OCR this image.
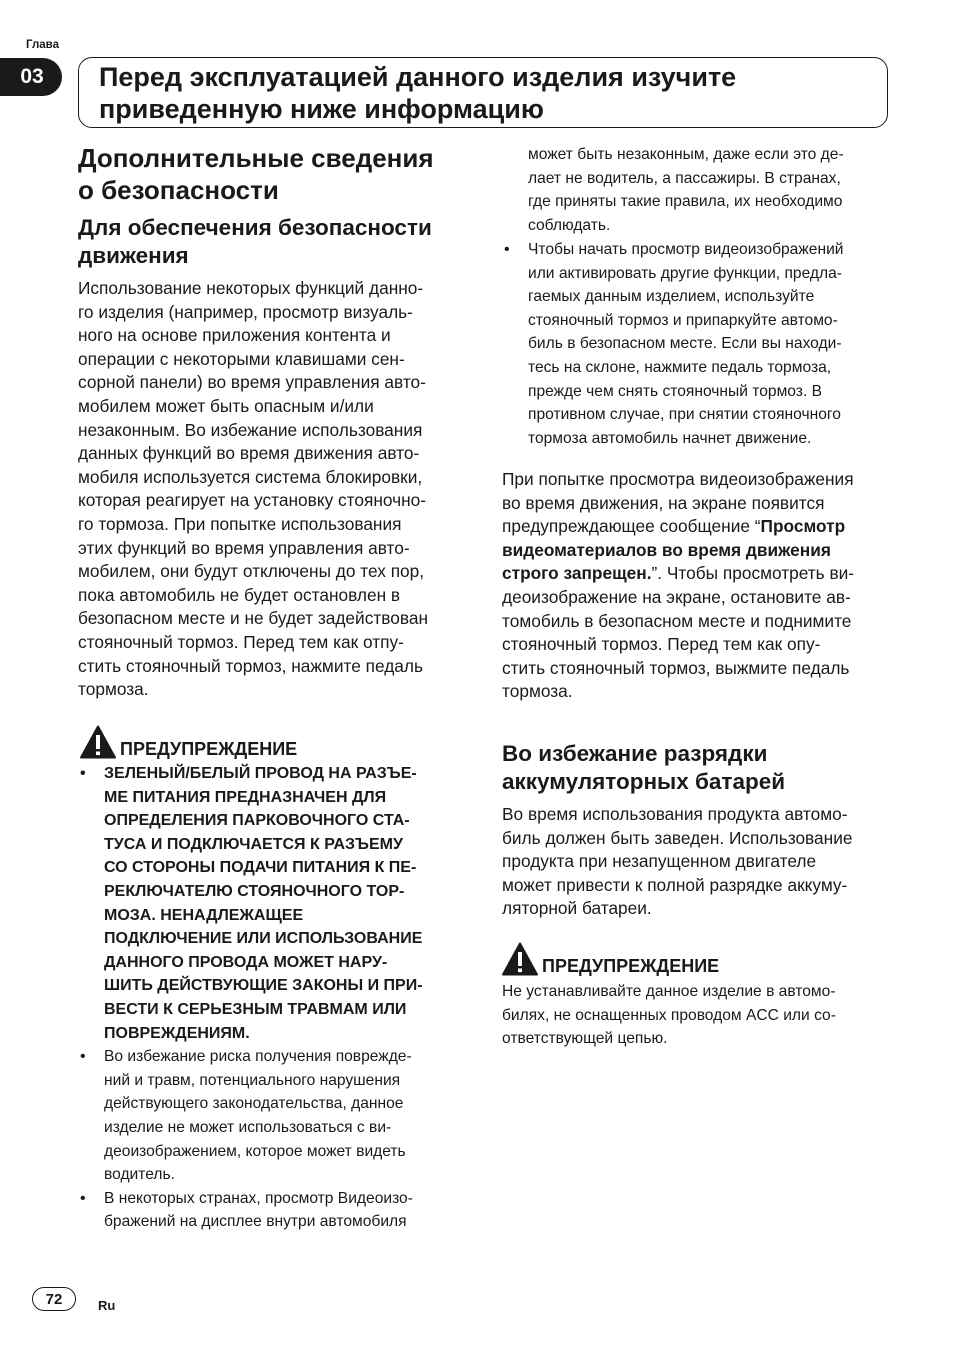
Глава
03	Перед эксплуатацией данного изделия изучите
приведенную ниже информацию
Дополнительные сведения
о безопасности
Для обеспечения безопасности
движения
Использование некоторых функций данно-
го изделия (например, просмотр визуаль-
ного на основе приложения контента и
операции с некоторыми клавишами сен-
сорной панели) во время управления авто-
мобилем может быть опасным и/или
незаконным. Во избежание использования
данных функций во время движения авто-
мобиля используется система блокировки,
которая реагирует на установку стояночно-
го тормоза. При попытке использования
этих функций во время управления авто-
мобилем, они будут отключены до тех пор,
пока автомобиль не будет остановлен в
безопасном месте и не будет задействован
стояночный тормоз. Перед тем как отпу-
стить стояночный тормоз, нажмите педаль
тормоза.
ПРЕДУПРЕЖДЕНИЕ
• ЗЕЛЕНЫЙ/БЕЛЫЙ ПРОВОД НА РАЗЪЕ-
МЕ ПИТАНИЯ ПРЕДНАЗНАЧЕН ДЛЯ
ОПРЕДЕЛЕНИЯ ПАРКОВОЧНОГО СТА-
ТУСА И ПОДКЛЮЧАЕТСЯ К РАЗЪЕМУ
СО СТОРОНЫ ПОДАЧИ ПИТАНИЯ К ПЕ-
РЕКЛЮЧАТЕЛЮ СТОЯНОЧНОГО ТОР-
МОЗА. НЕНАДЛЕЖАЩЕЕ
ПОДКЛЮЧЕНИЕ ИЛИ ИСПОЛЬЗОВАНИЕ
ДАННОГО ПРОВОДА МОЖЕТ НАРУ-
ШИТЬ ДЕЙСТВУЮЩИЕ ЗАКОНЫ И ПРИ-
ВЕСТИ К СЕРЬЕЗНЫМ ТРАВМАМ ИЛИ
ПОВРЕЖДЕНИЯМ.
• Во избежание риска получения поврежде-
ний и травм, потенциального нарушения
действующего законодательства, данное
изделие не может использоваться с ви-
деоизображением, которое может видеть
водитель.
• В некоторых странах, просмотр Видеоизо-
бражений на дисплее внутри автомобиля
может быть незаконным, даже если это де-
лает не водитель, а пассажиры. В странах,
где приняты такие правила, их необходимо
соблюдать.
• Чтобы начать просмотр видеоизображений
или активировать другие функции, предла-
гаемых данным изделием, используйте
стояночный тормоз и припаркуйте автомо-
биль в безопасном месте. Если вы находи-
тесь на склоне, нажмите педаль тормоза,
прежде чем снять стояночный тормоз. В
противном случае, при снятии стояночного
тормоза автомобиль начнет движение.
При попытке просмотра видеоизображения
во время движения, на экране появится
предупреждающее сообщение “Просмотр
видеоматериалов во время движения
строго запрещен.”. Чтобы просмотреть ви-
деоизображение на экране, остановите ав-
томобиль в безопасном месте и поднимите
стояночный тормоз. Перед тем как опу-
стить стояночный тормоз, выжмите педаль
тормоза.
Во избежание разрядки
аккумуляторных батарей
Во время использования продукта автомо-
биль должен быть заведен. Использование
продукта при незапущенном двигателе
может привести к полной разрядке аккуму-
ляторной батареи.
ПРЕДУПРЕЖДЕНИЕ
Не устанавливайте данное изделие в автомо-
билях, не оснащенных проводом ACC или со-
ответствующей цепью.
72	Ru
